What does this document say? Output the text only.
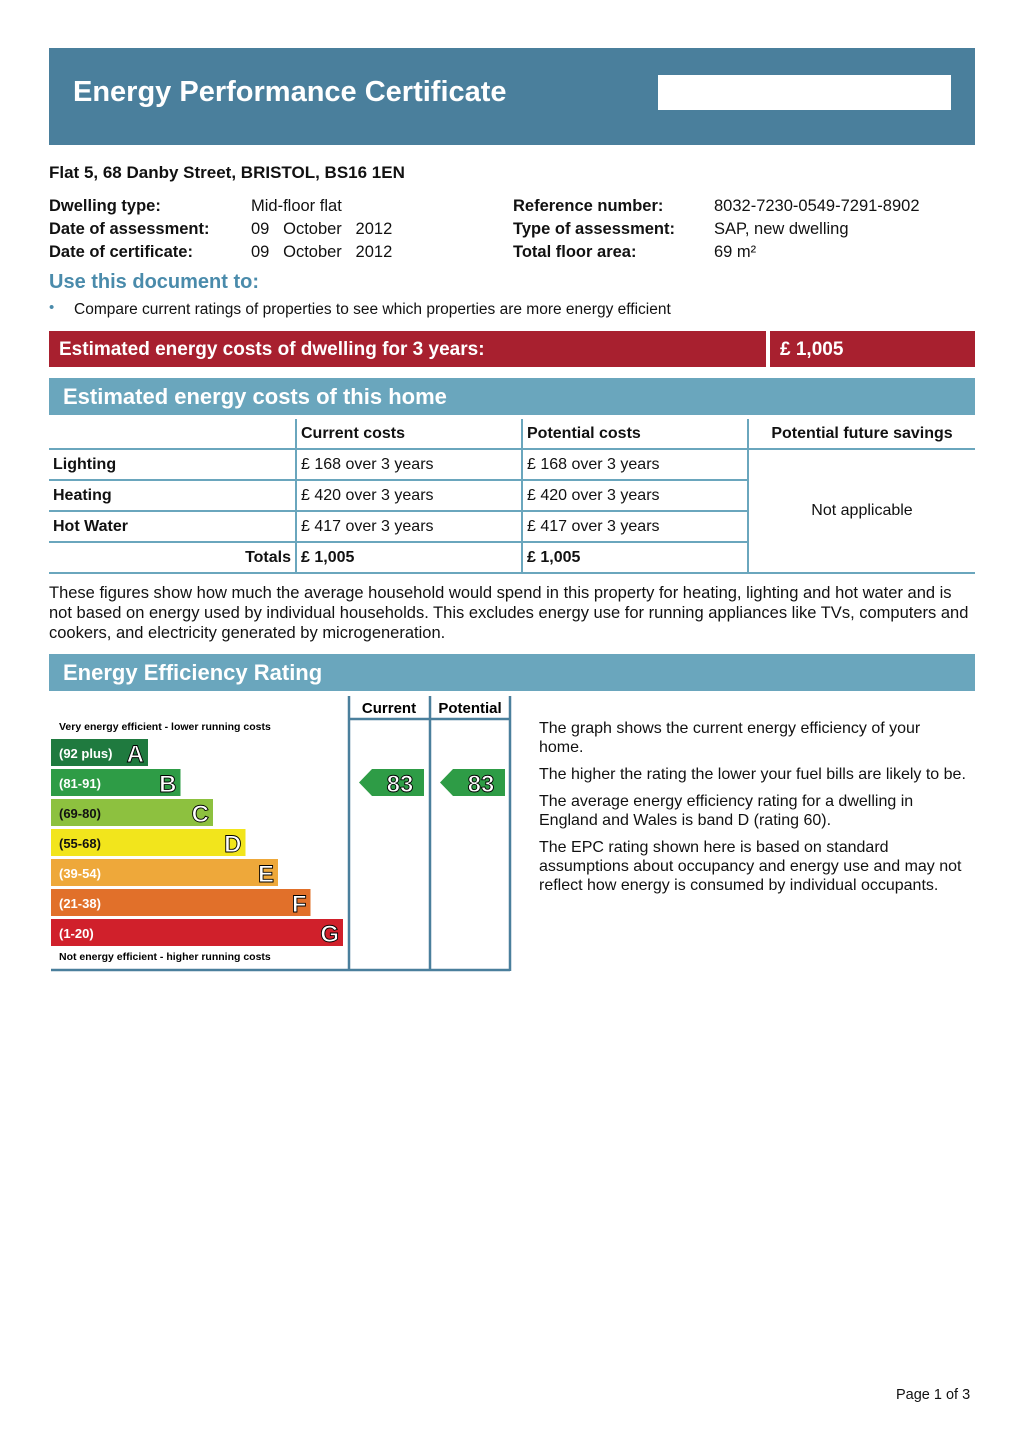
Energy Performance Certificate
Flat 5, 68 Danby Street, BRISTOL, BS16 1EN
Dwelling type:	Mid-floor flat
Date of assessment:	09   October   2012
Date of certificate:	09   October   2012
Reference number:	8032-7230-0549-7291-8902
Type of assessment: SAP, new dwelling
Total floor area:	69 m²
Use this document to:
• Compare current ratings of properties to see which properties are more energy efficient
Estimated energy costs of dwelling for 3 years:	£ 1,005
Estimated energy costs of this home
	Current costs	Potential costs	Potential future savings
Lighting	£ 168 over 3 years	£ 168 over 3 years	Not applicable
Heating	£ 420 over 3 years	£ 420 over 3 years	
Hot Water	£ 417 over 3 years	£ 417 over 3 years	
Totals	£ 1,005	£ 1,005	
These figures show how much the average household would spend in this property for heating, lighting and hot water and is not based on energy used by individual households. This excludes energy use for running appliances like TVs, computers and cookers, and electricity generated by microgeneration.
Energy Efficiency Rating
Current Potential
Very energy efficient - lower running costs
Not energy efficient - higher running costs
(92 plus) A
(81-91) B
(69-80)	C
(55-68)	D
(39-54)	E
(21-38)	F
(1-20)	G
83 83

The graph shows the current energy efficiency of your home.

The higher the rating the lower your fuel bills are likely to be.

The average energy efficiency rating for a dwelling in England and Wales is band D (rating 60).

The EPC rating shown here is based on standard assumptions about occupancy and energy use and may not reflect how energy is consumed by individual occupants.

Page 1 of 3
